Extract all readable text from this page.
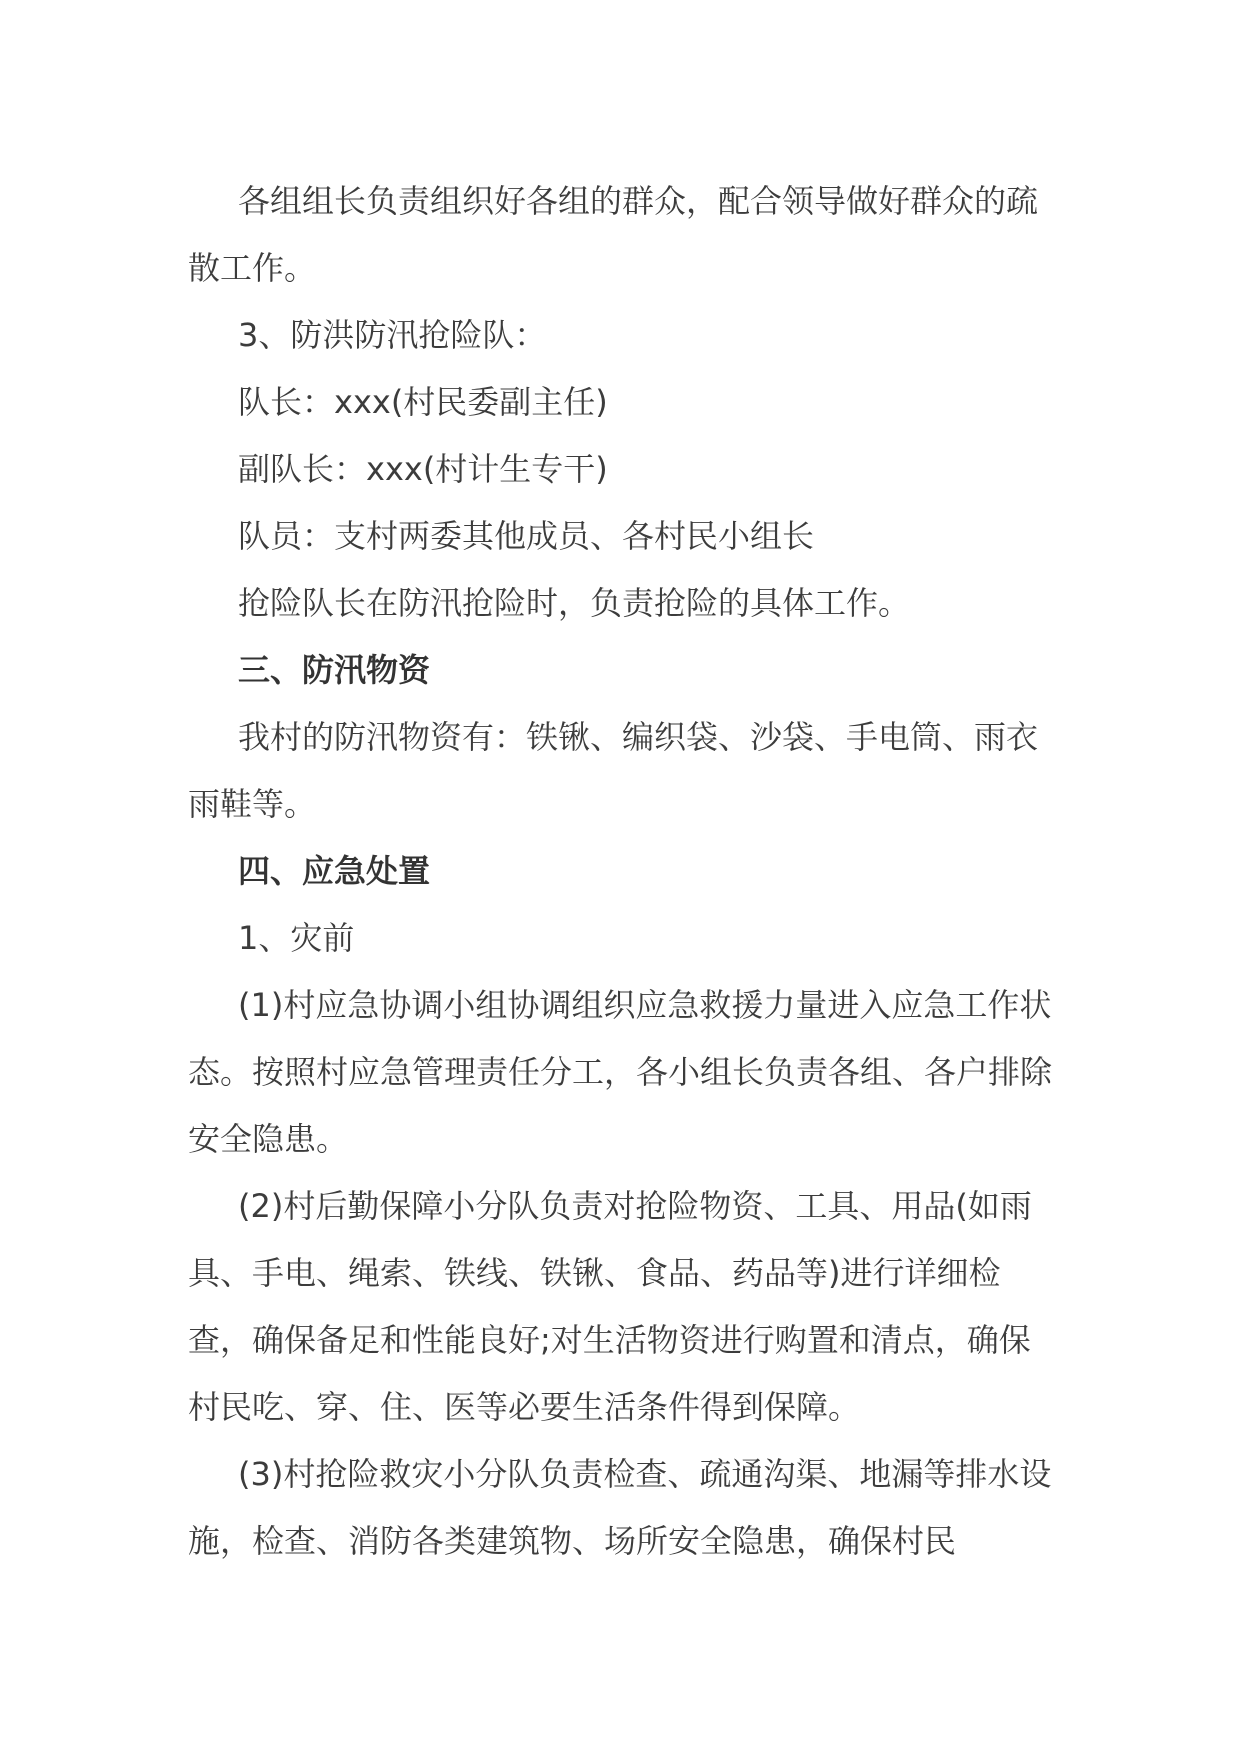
各组组长负责组织好各组的群众，配合领导做好群众的疏散工作。

3、防洪防汛抢险队：

队长：xxx(村民委副主任)

副队长：xxx(村计生专干)

队员：支村两委其他成员、各村民小组长

抢险队长在防汛抢险时，负责抢险的具体工作。

三、防汛物资

我村的防汛物资有：铁锹、编织袋、沙袋、手电筒、雨衣雨鞋等。

四、应急处置

1、灾前

(1)村应急协调小组协调组织应急救援力量进入应急工作状态。按照村应急管理责任分工，各小组长负责各组、各户排除安全隐患。

(2)村后勤保障小分队负责对抢险物资、工具、用品(如雨具、手电、绳索、铁线、铁锹、食品、药品等)进行详细检查，确保备足和性能良好;对生活物资进行购置和清点，确保村民吃、穿、住、医等必要生活条件得到保障。

(3)村抢险救灾小分队负责检查、疏通沟渠、地漏等排水设施，检查、消防各类建筑物、场所安全隐患，确保村民
